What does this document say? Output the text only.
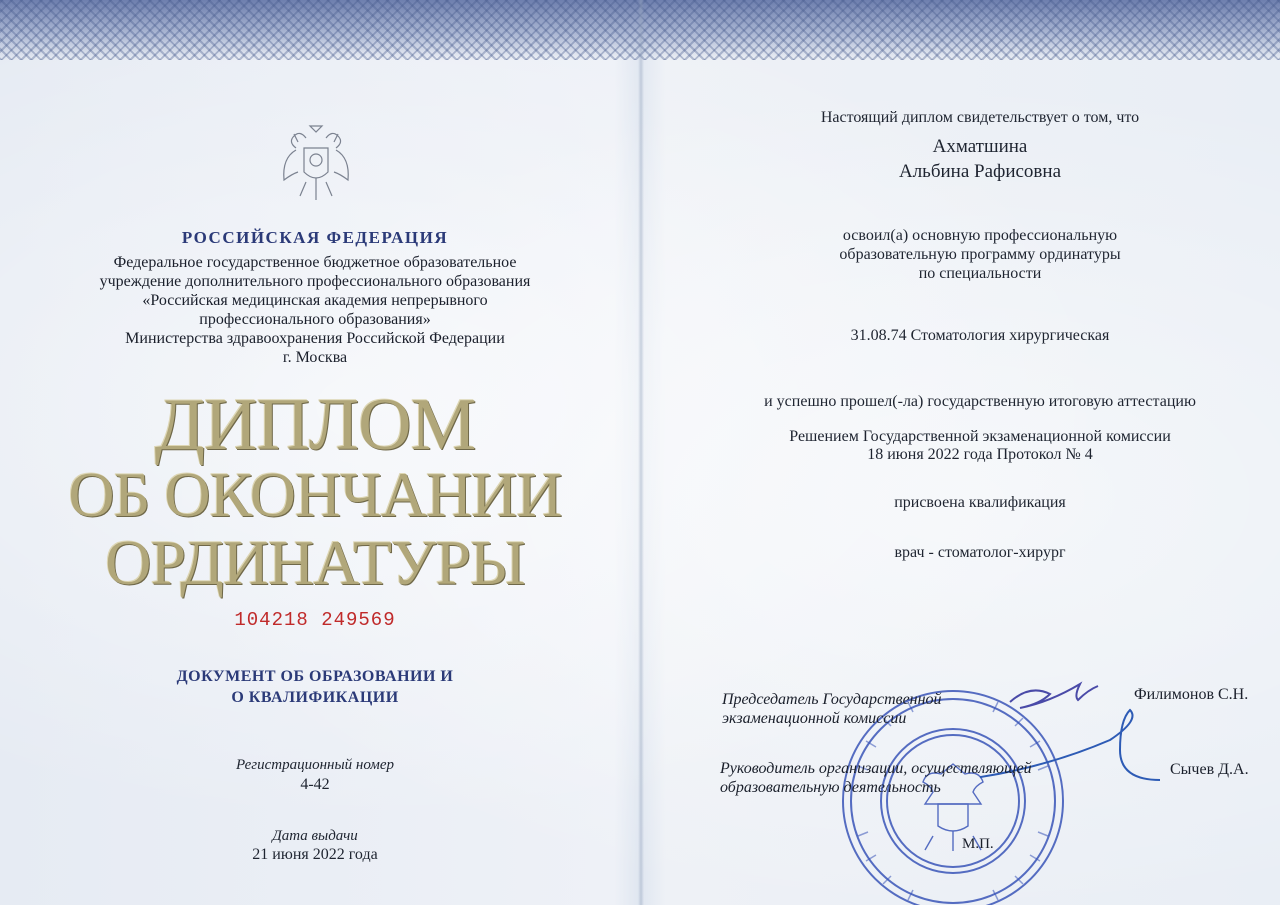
РОССИЙСКАЯ ФЕДЕРАЦИЯ
Федеральное государственное бюджетное образовательное
учреждение дополнительного профессионального образования
«Российская медицинская академия непрерывного
профессионального образования»
Министерства здравоохранения Российской Федерации
г. Москва
ДИПЛОМ
ОБ ОКОНЧАНИИ
ОРДИНАТУРЫ
104218 249569
ДОКУМЕНТ ОБ ОБРАЗОВАНИИ И
О КВАЛИФИКАЦИИ
Регистрационный номер
4-42
Дата выдачи
21 июня 2022 года
Настоящий диплом свидетельствует о том, что
Ахматшина
Альбина Рафисовна
освоил(а) основную профессиональную
образовательную программу ординатуры
по специальности
31.08.74 Стоматология хирургическая
и успешно прошел(-ла) государственную итоговую аттестацию
Решением Государственной экзаменационной комиссии
18 июня 2022 года Протокол № 4
присвоена квалификация
врач - стоматолог-хирург
Председатель Государственной
экзаменационной комиссии
Филимонов С.Н.
Руководитель организации, осуществляющей
образовательную деятельность
Сычев Д.А.
М.П.
